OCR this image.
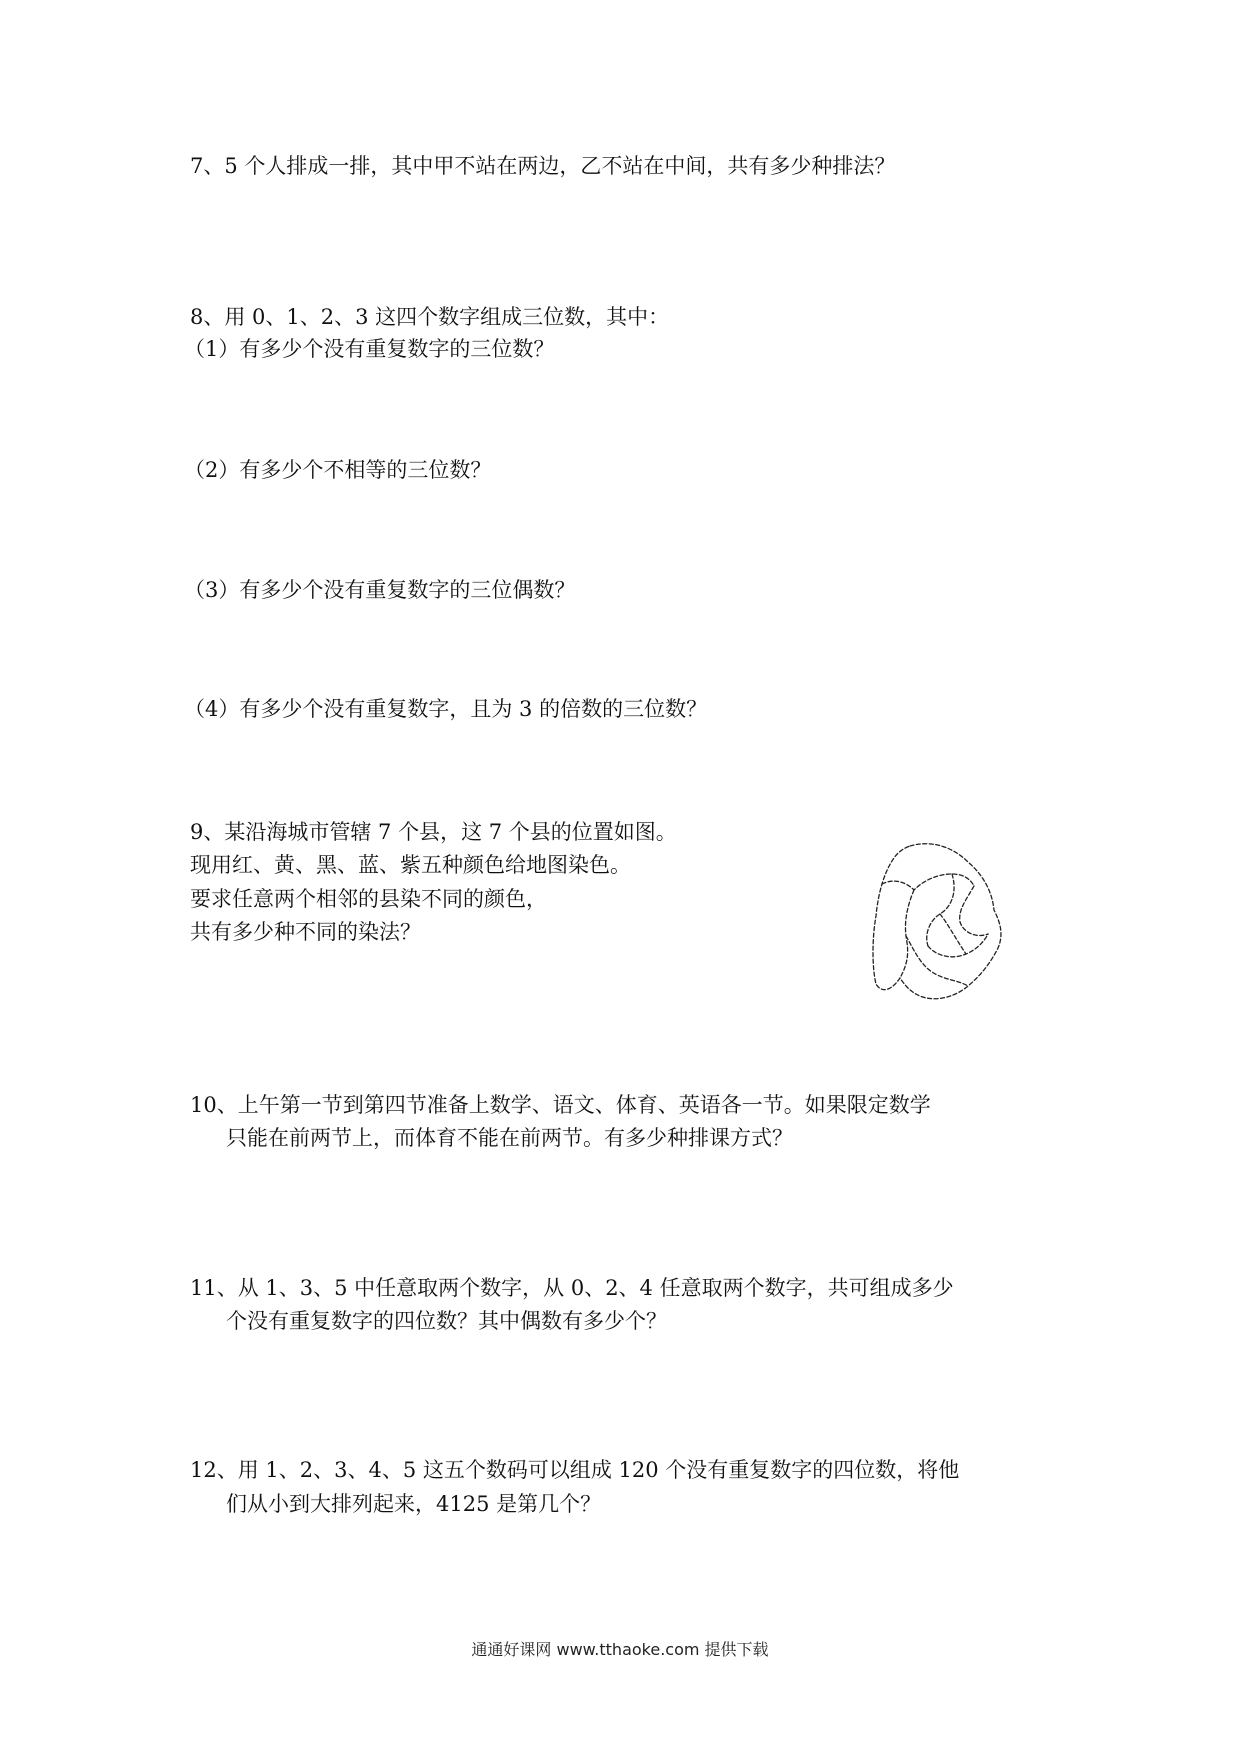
7、5 个人排成一排，其中甲不站在两边，乙不站在中间，共有多少种排法？
8、用 0、1、2、3 这四个数字组成三位数，其中：
（1）有多少个没有重复数字的三位数？
（2）有多少个不相等的三位数？
（3）有多少个没有重复数字的三位偶数？
（4）有多少个没有重复数字，且为 3 的倍数的三位数？
9、某沿海城市管辖 7 个县，这 7 个县的位置如图。
现用红、黄、黑、蓝、紫五种颜色给地图染色。
要求任意两个相邻的县染不同的颜色，
共有多少种不同的染法？
10、上午第一节到第四节准备上数学、语文、体育、英语各一节。如果限定数学
只能在前两节上，而体育不能在前两节。有多少种排课方式？
11、从 1、3、5 中任意取两个数字，从 0、2、4 任意取两个数字，共可组成多少
个没有重复数字的四位数？其中偶数有多少个？
12、用 1、2、3、4、5 这五个数码可以组成 120 个没有重复数字的四位数，将他
们从小到大排列起来，4125 是第几个？
通通好课网 www.tthaoke.com 提供下载
